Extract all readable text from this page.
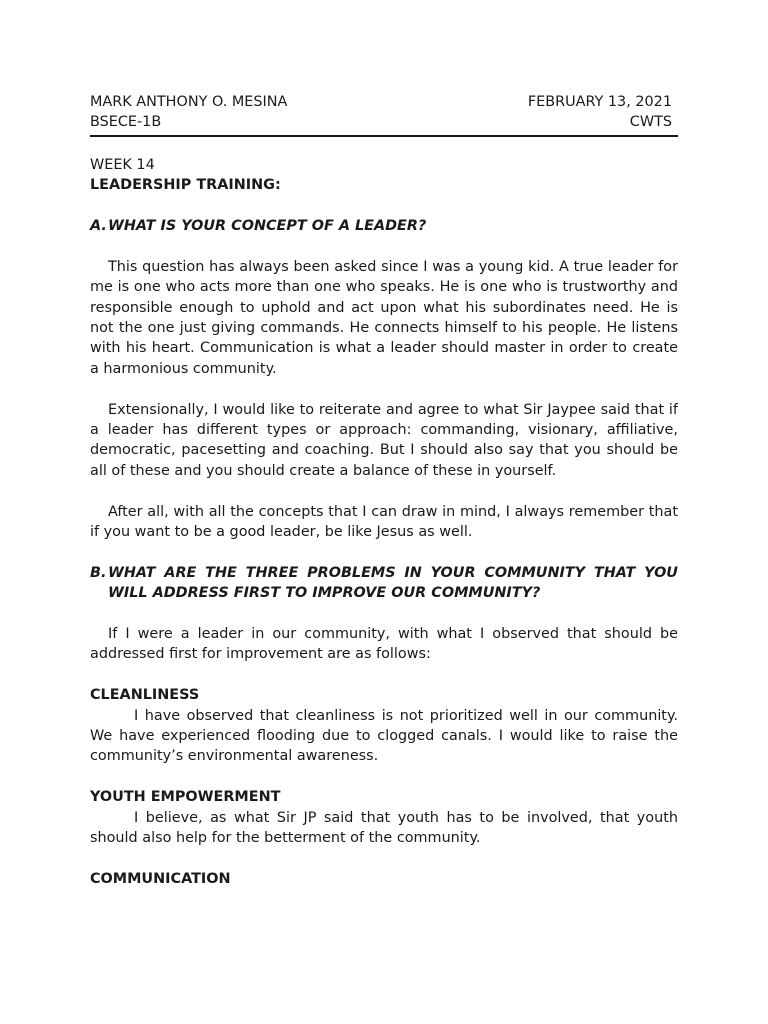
MARK ANTHONY O. MESINA
BSECE-1B
FEBRUARY 13, 2021
CWTS
WEEK 14
LEADERSHIP TRAINING:
A. WHAT IS YOUR CONCEPT OF A LEADER?

This question has always been asked since I was a young kid. A true leader for me is one who acts more than one who speaks. He is one who is trustworthy and responsible enough to uphold and act upon what his subordinates need. He is not the one just giving commands. He connects himself to his people. He listens with his heart. Communication is what a leader should master in order to create a harmonious community.

Extensionally, I would like to reiterate and agree to what Sir Jaypee said that if a leader has different types or approach: commanding, visionary, affiliative, democratic, pacesetting and coaching. But I should also say that you should be all of these and you should create a balance of these in yourself.

After all, with all the concepts that I can draw in mind, I always remember that if you want to be a good leader, be like Jesus as well.

B. WHAT ARE THE THREE PROBLEMS IN YOUR COMMUNITY THAT YOU WILL ADDRESS FIRST TO IMPROVE OUR COMMUNITY?

If I were a leader in our community, with what I observed that should be addressed first for improvement are as follows:

CLEANLINESS

I have observed that cleanliness is not prioritized well in our community. We have experienced flooding due to clogged canals. I would like to raise the community’s environmental awareness.

YOUTH EMPOWERMENT

I believe, as what Sir JP said that youth has to be involved, that youth should also help for the betterment of the community.

COMMUNICATION
